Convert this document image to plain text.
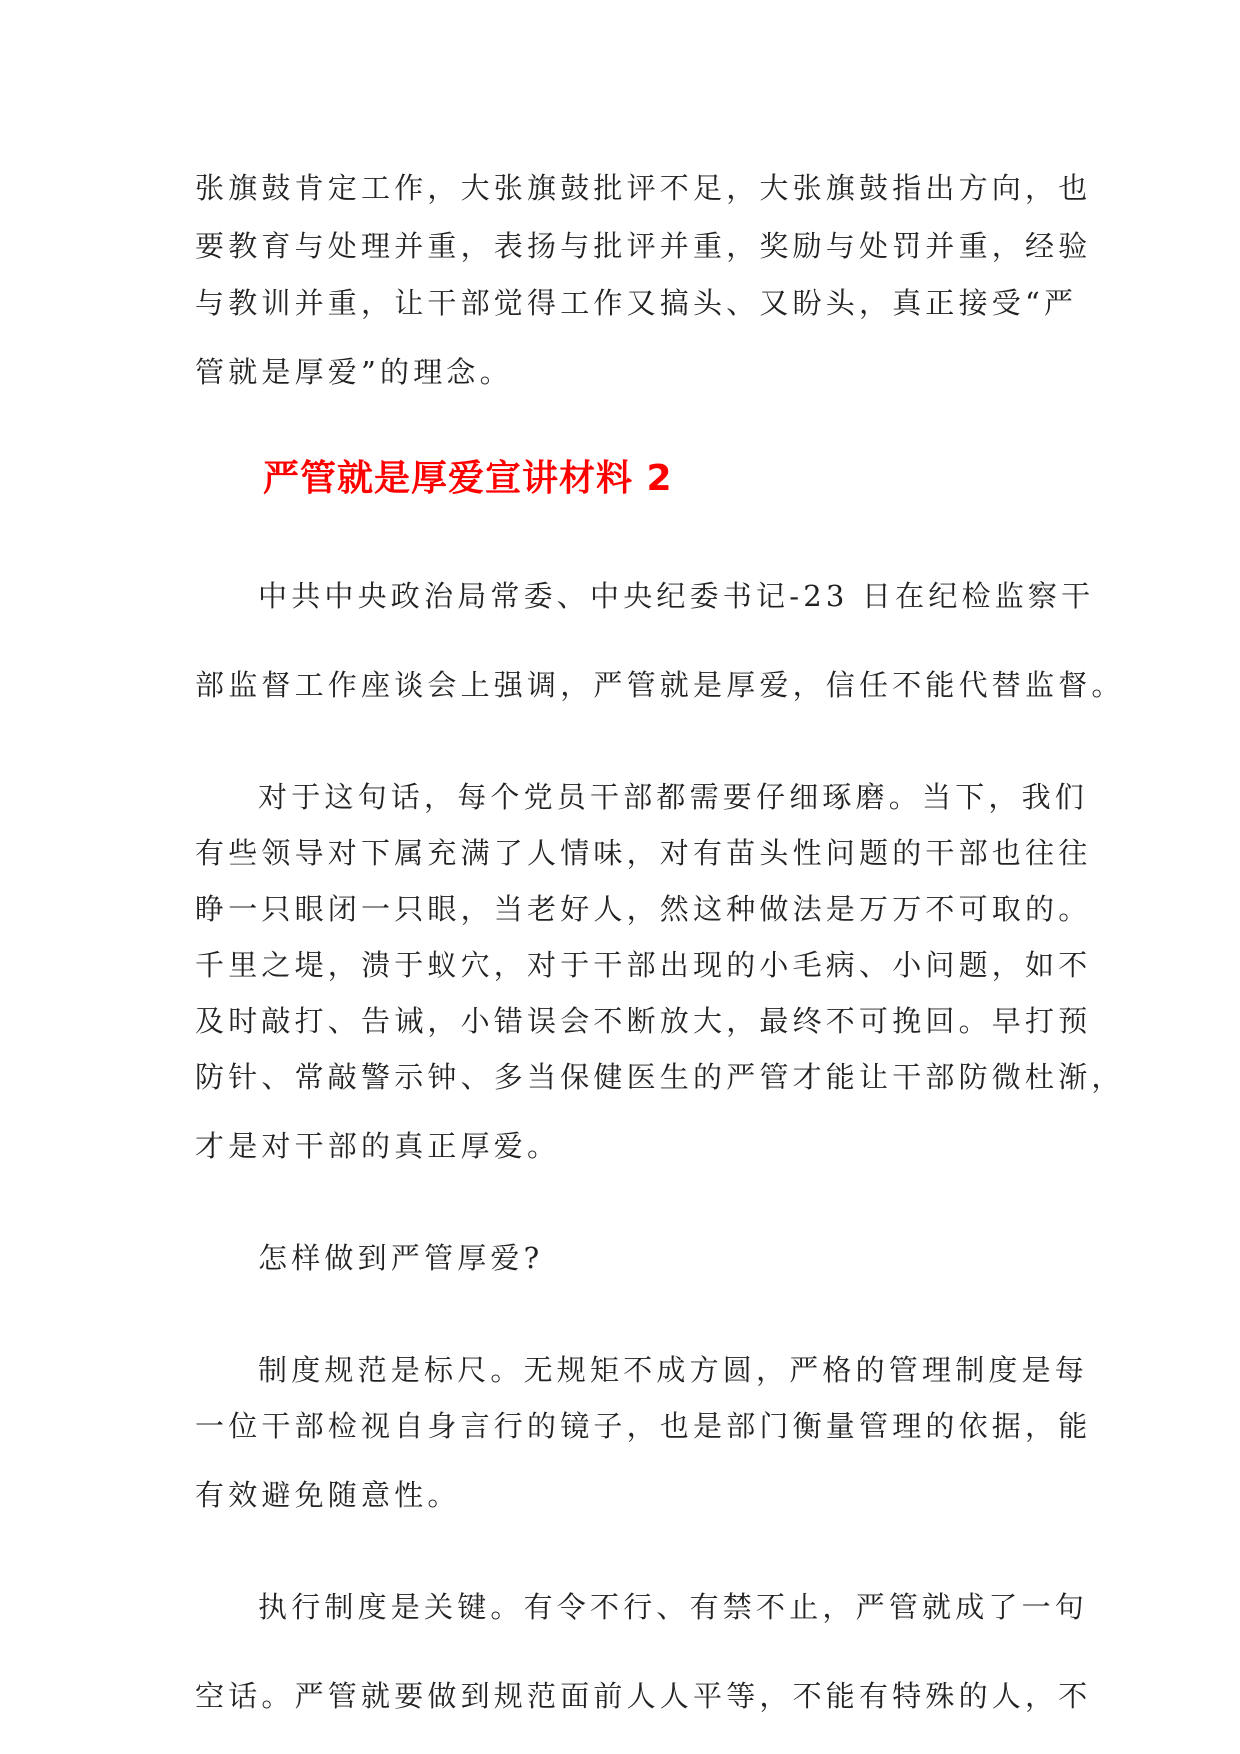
张旗鼓肯定工作，大张旗鼓批评不足，大张旗鼓指出方向，也
要教育与处理并重，表扬与批评并重，奖励与处罚并重，经验
与教训并重，让干部觉得工作又搞头、又盼头，真正接受“严
管就是厚爱”的理念。
严管就是厚爱宣讲材料 2
中共中央政治局常委、中央纪委书记-23 日在纪检监察干
部监督工作座谈会上强调，严管就是厚爱，信任不能代替监督。
对于这句话，每个党员干部都需要仔细琢磨。当下，我们
有些领导对下属充满了人情味，对有苗头性问题的干部也往往
睁一只眼闭一只眼，当老好人，然这种做法是万万不可取的。
千里之堤，溃于蚁穴，对于干部出现的小毛病、小问题，如不
及时敲打、告诫，小错误会不断放大，最终不可挽回。早打预
防针、常敲警示钟、多当保健医生的严管才能让干部防微杜渐，
才是对干部的真正厚爱。
怎样做到严管厚爱?
制度规范是标尺。无规矩不成方圆，严格的管理制度是每
一位干部检视自身言行的镜子，也是部门衡量管理的依据，能
有效避免随意性。
执行制度是关键。有令不行、有禁不止，严管就成了一句
空话。严管就要做到规范面前人人平等，不能有特殊的人，不
